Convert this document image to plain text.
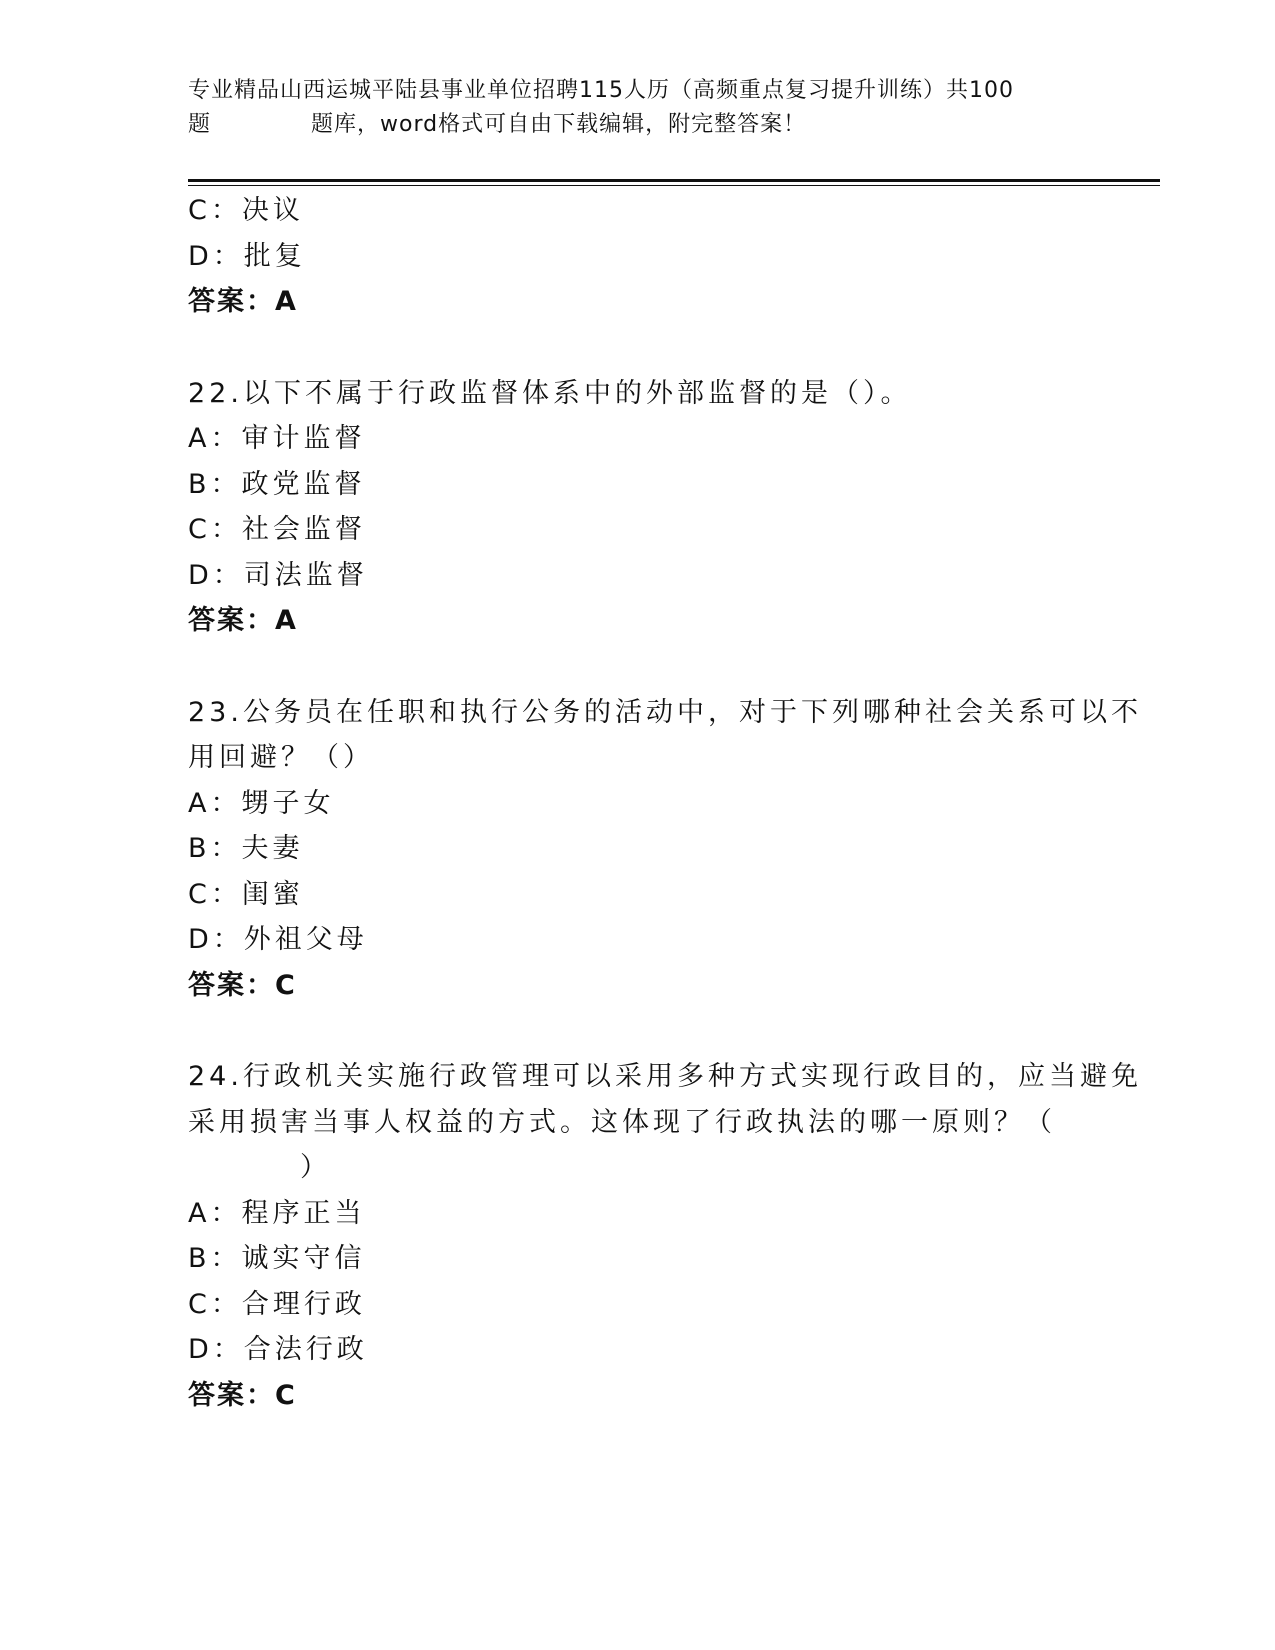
专业精品山西运城平陆县事业单位招聘115人历（高频重点复习提升训练）共100
题	题库，word格式可自由下载编辑，附完整答案！
C：决议
D：批复
答案：A
22.以下不属于行政监督体系中的外部监督的是（）。
A：审计监督
B：政党监督
C：社会监督
D：司法监督
答案：A
23.公务员在任职和执行公务的活动中，对于下列哪种社会关系可以不
用回避？（）
A：甥子女
B：夫妻
C：闺蜜
D：外祖父母
答案：C
24.行政机关实施行政管理可以采用多种方式实现行政目的，应当避免
采用损害当事人权益的方式。这体现了行政执法的哪一原则？（
）
A：程序正当
B：诚实守信
C：合理行政
D：合法行政
答案：C
